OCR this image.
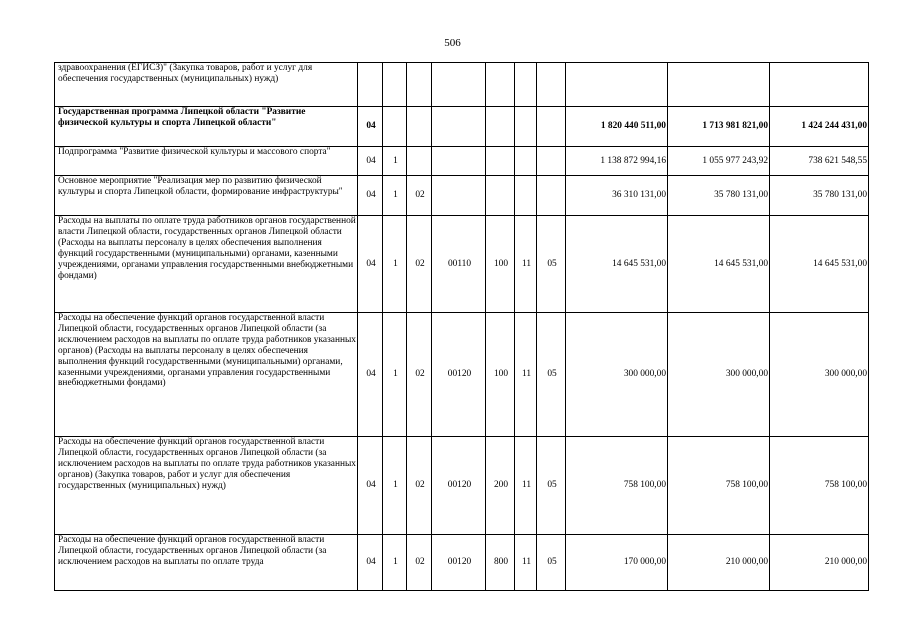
506
здравоохранения (ЕГИСЗ)" (Закупка товаров, работ и услуг для обеспечения государственных (муниципальных) нужд)										
Государственная программа Липецкой области "Развитие физической культуры и спорта Липецкой области"	04							1 820 440 511,00	1 713 981 821,00	1 424 244 431,00
Подпрограмма "Развитие физической культуры и массового спорта"	04	1						1 138 872 994,16	1 055 977 243,92	738 621 548,55
Основное мероприятие "Реализация мер по развитию физической культуры и спорта Липецкой области, формирование инфраструктуры"	04	1	02					36 310 131,00	35 780 131,00	35 780 131,00
Расходы на выплаты по оплате труда работников органов государственной власти Липецкой области, государственных органов Липецкой области (Расходы на выплаты персоналу в целях обеспечения выполнения функций государственными (муниципальными) органами, казенными учреждениями, органами управления государственными внебюджетными фондами)	04	1	02	00110	100	11	05	14 645 531,00	14 645 531,00	14 645 531,00
Расходы на обеспечение функций органов государственной власти Липецкой области, государственных органов Липецкой области (за исключением расходов на выплаты по оплате труда работников указанных органов) (Расходы на выплаты персоналу в целях обеспечения выполнения функций государственными (муниципальными) органами, казенными учреждениями, органами управления государственными внебюджетными фондами)	04	1	02	00120	100	11	05	300 000,00	300 000,00	300 000,00
Расходы на обеспечение функций органов государственной власти Липецкой области, государственных органов Липецкой области (за исключением расходов на выплаты по оплате труда работников указанных органов) (Закупка товаров, работ и услуг для обеспечения государственных (муниципальных) нужд)	04	1	02	00120	200	11	05	758 100,00	758 100,00	758 100,00
Расходы на обеспечение функций органов государственной власти Липецкой области, государственных органов Липецкой области (за исключением расходов на выплаты по оплате труда	04	1	02	00120	800	11	05	170 000,00	210 000,00	210 000,00
